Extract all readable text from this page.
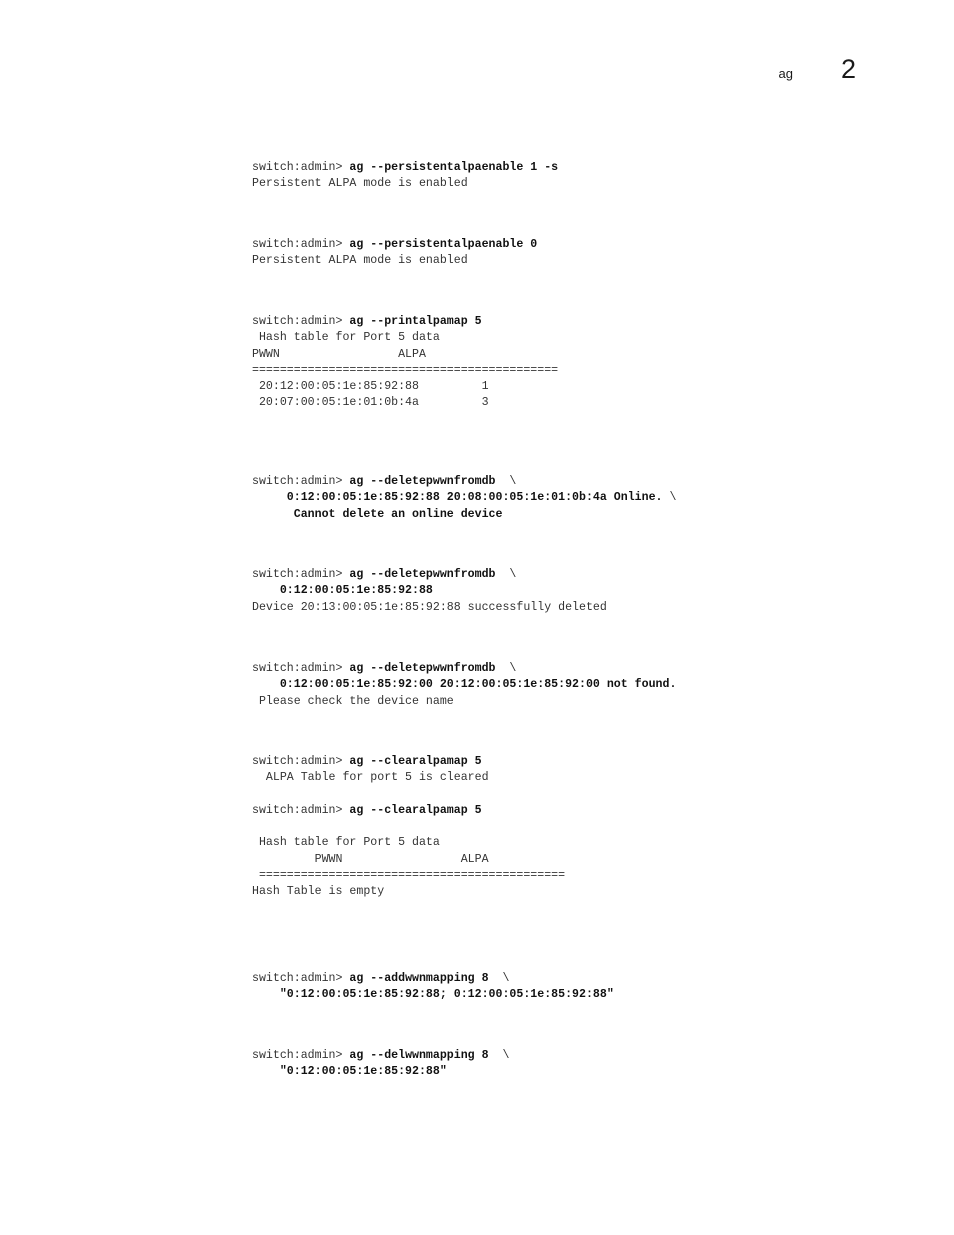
ag 2
switch:admin> ag --persistentalpaenable 1 -s
Persistent ALPA mode is enabled
switch:admin> ag --persistentalpaenable 0
Persistent ALPA mode is enabled
switch:admin> ag --printalpamap 5
Hash table for Port 5 data
PWWN                 ALPA
============================================
20:12:00:05:1e:85:92:88         1
20:07:00:05:1e:01:0b:4a         3
switch:admin> ag --deletepwwnfromdb  \
0:12:00:05:1e:85:92:88 20:08:00:05:1e:01:0b:4a Online. \
Cannot delete an online device
switch:admin> ag --deletepwwnfromdb  \
0:12:00:05:1e:85:92:88
Device 20:13:00:05:1e:85:92:88 successfully deleted
switch:admin> ag --deletepwwnfromdb  \
0:12:00:05:1e:85:92:00 20:12:00:05:1e:85:92:00 not found.
Please check the device name
switch:admin> ag --clearalpamap 5
ALPA Table for port 5 is cleared
switch:admin> ag --clearalpamap 5
Hash table for Port 5 data
PWWN                 ALPA
============================================
Hash Table is empty
switch:admin> ag --addwwnmapping 8  \
"0:12:00:05:1e:85:92:88; 0:12:00:05:1e:85:92:88"
switch:admin> ag --delwwnmapping 8  \
"0:12:00:05:1e:85:92:88"
